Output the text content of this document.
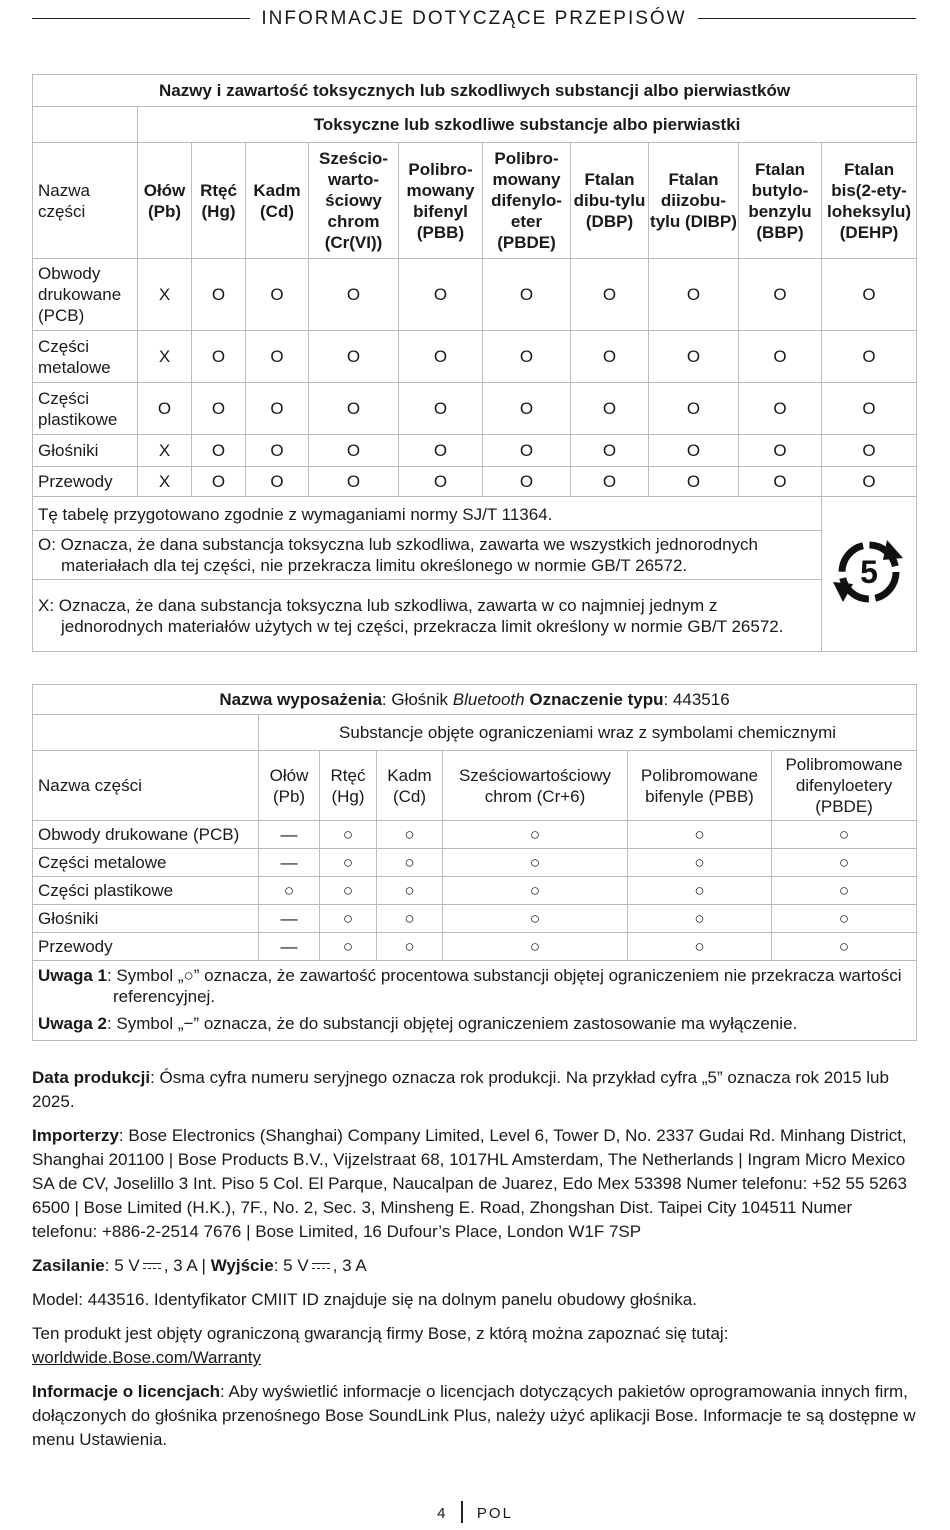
INFORMACJE DOTYCZĄCE PRZEPISÓW
Nazwy i zawartość toksycznych lub szkodliwych substancji albo pierwiastków										
	Toksyczne lub szkodliwe substancje albo pierwiastki									
Nazwa części	Ołów (Pb)	Rtęć (Hg)	Kadm (Cd)	Sześcio-warto-ściowy chrom (Cr(VI))	Polibro-mowany bifenyl (PBB)	Polibro-mowany difenylo-eter (PBDE)	Ftalan dibu-tylu (DBP)	Ftalan diizobu-tylu (DIBP)	Ftalan butylo-benzylu (BBP)	Ftalan bis(2-ety-loheksylu) (DEHP)
Obwody drukowane (PCB)	X	O	O	O	O	O	O	O	O	O
Części metalowe	X	O	O	O	O	O	O	O	O	O
Części plastikowe	O	O	O	O	O	O	O	O	O	O
Głośniki	X	O	O	O	O	O	O	O	O	O
Przewody	X	O	O	O	O	O	O	O	O	O
Tę tabelę przygotowano zgodnie z wymaganiami normy SJ/T 11364.										5

O: Oznacza, że dana substancja toksyczna lub szkodliwa, zawarta we wszystkich jednorodnych materiałach dla tej części, nie przekracza limitu określonego w normie GB/T 26572.										
X: Oznacza, że dana substancja toksyczna lub szkodliwa, zawarta w co najmniej jednym z jednorodnych materiałów użytych w tej części, przekracza limit określony w normie GB/T 26572.										
Nazwa wyposażenia: Głośnik Bluetooth Oznaczenie typu: 443516						
	Substancje objęte ograniczeniami wraz z symbolami chemicznymi					
Nazwa części	Ołów (Pb)	Rtęć (Hg)	Kadm (Cd)	Sześciowartościowy chrom (Cr+6)	Polibromowane bifenyle (PBB)	Polibromowane difenyloetery (PBDE)
Obwody drukowane (PCB)	—	○	○	○	○	○
Części metalowe	—	○	○	○	○	○
Części plastikowe	○	○	○	○	○	○
Głośniki	—	○	○	○	○	○
Przewody	—	○	○	○	○	○

Uwaga 1: Symbol „○” oznacza, że zawartość procentowa substancji objętej ograniczeniem nie przekracza wartości referencyjnej.
Uwaga 2: Symbol „−” oznacza, że do substancji objętej ograniczeniem zastosowanie ma wyłączenie.						

Data produkcji: Ósma cyfra numeru seryjnego oznacza rok produkcji. Na przykład cyfra „5” oznacza rok 2015 lub 2025.

Importerzy: Bose Electronics (Shanghai) Company Limited, Level 6, Tower D, No. 2337 Gudai Rd. Minhang District, Shanghai 201100 | Bose Products B.V., Vijzelstraat 68, 1017HL Amsterdam, The Netherlands | Ingram Micro Mexico SA de CV, Joselillo 3 Int. Piso 5 Col. El Parque, Naucalpan de Juarez, Edo Mex 53398 Numer telefonu: +52 55 5263 6500 | Bose Limited (H.K.), 7F., No. 2, Sec. 3, Minsheng E. Road, Zhongshan Dist. Taipei City 104511 Numer telefonu: +886-2-2514 7676 | Bose Limited, 16 Dufour’s Place, London W1F 7SP

Zasilanie: 5 V , 3 A | Wyjście: 5 V , 3 A

Model: 443516. Identyfikator CMIIT ID znajduje się na dolnym panelu obudowy głośnika.

Ten produkt jest objęty ograniczoną gwarancją firmy Bose, z którą można zapoznać się tutaj:
worldwide.Bose.com/Warranty

Informacje o licencjach: Aby wyświetlić informacje o licencjach dotyczących pakietów oprogramowania innych firm, dołączonych do głośnika przenośnego Bose SoundLink Plus, należy użyć aplikacji Bose. Informacje te są dostępne w menu Ustawienia.

4 POL
